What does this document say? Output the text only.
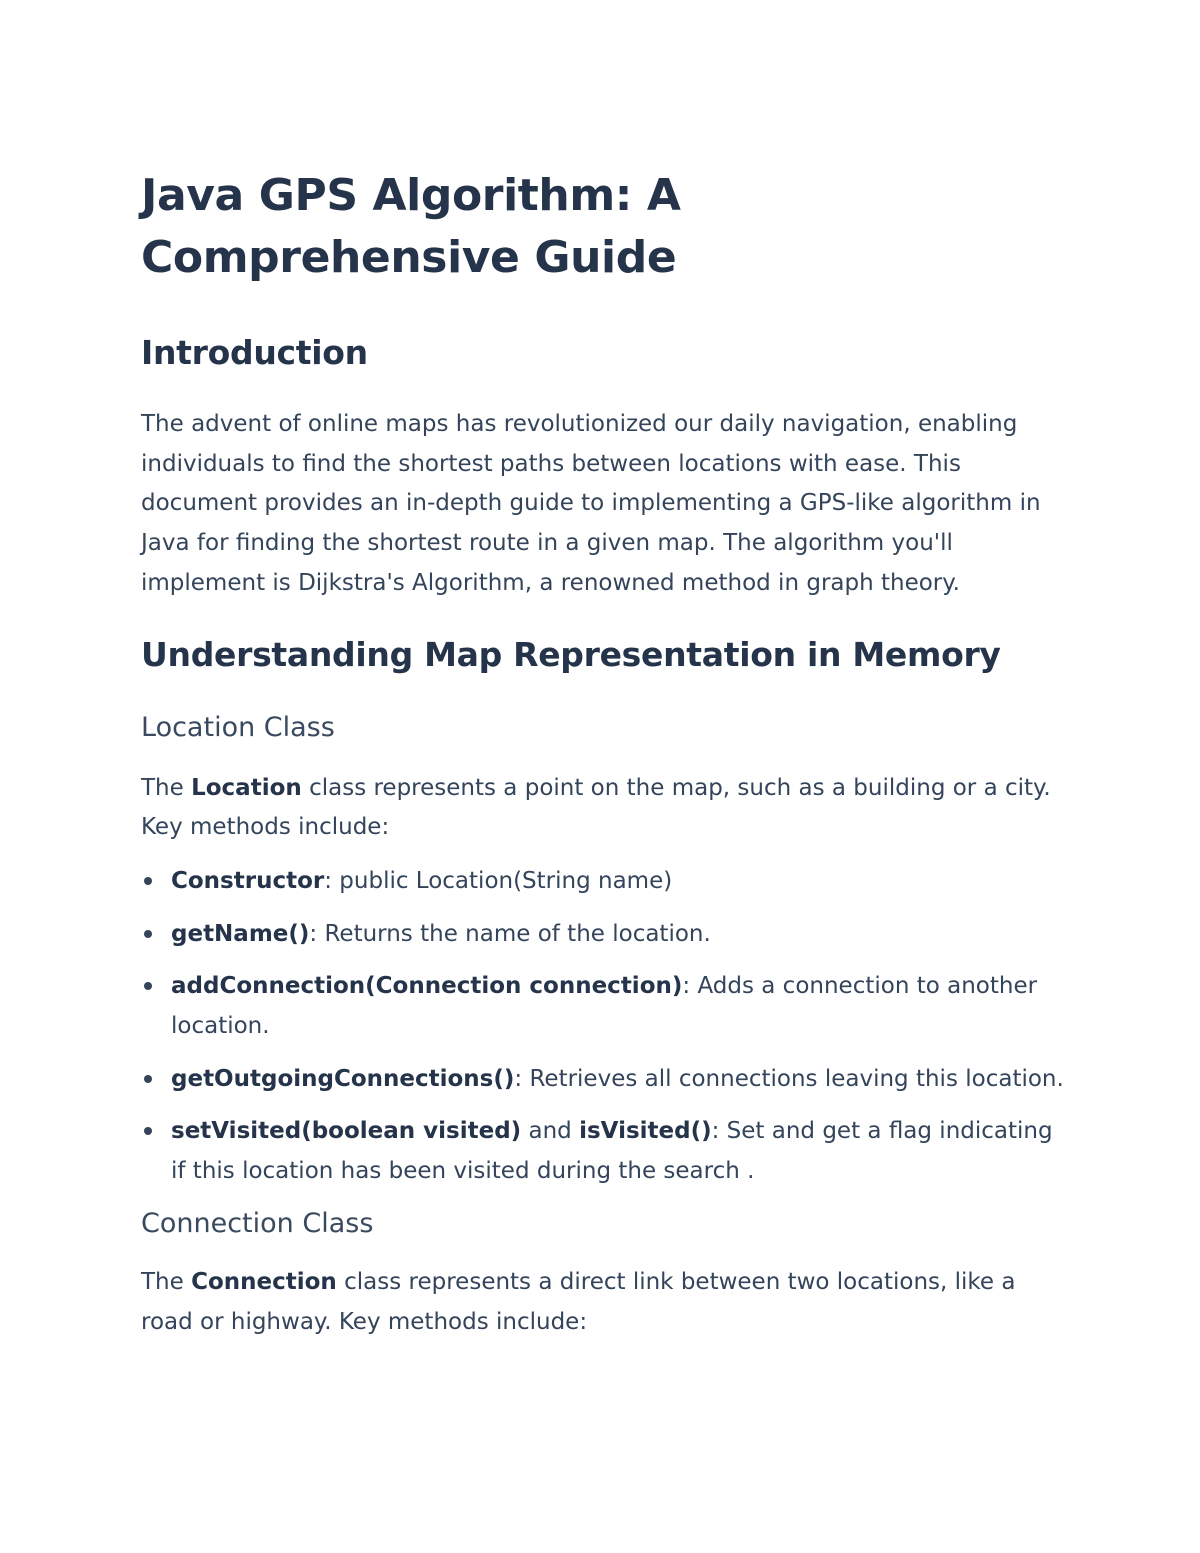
Java GPS Algorithm: A Comprehensive Guide
Introduction

The advent of online maps has revolutionized our daily navigation, enabling individuals to find the shortest paths between locations with ease. This document provides an in-depth guide to implementing a GPS-like algorithm in Java for finding the shortest route in a given map. The algorithm you'll implement is Dijkstra's Algorithm, a renowned method in graph theory.

Understanding Map Representation in Memory
Location Class

The Location class represents a point on the map, such as a building or a city. Key methods include:

Constructor: public Location(String name)
getName(): Returns the name of the location.
addConnection(Connection connection): Adds a connection to another location.
getOutgoingConnections(): Retrieves all connections leaving this location.
setVisited(boolean visited) and isVisited(): Set and get a flag indicating if this location has been visited during the search .
Connection Class

The Connection class represents a direct link between two locations, like a road or highway. Key methods include:
